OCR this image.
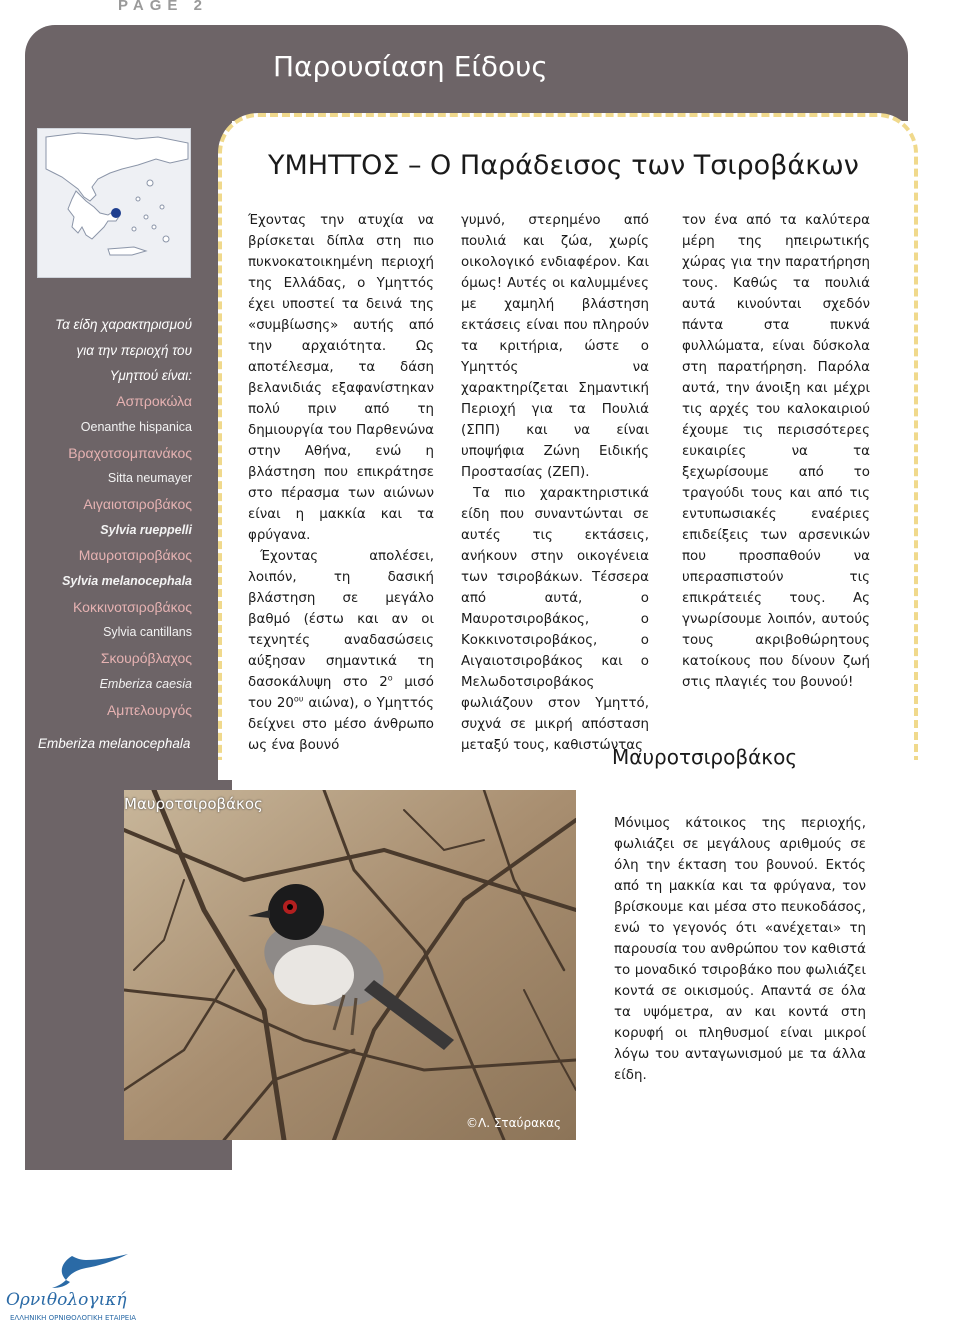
PAGE 2
Παρουσίαση Είδους
ΥΜΗΤΤΟΣ – Ο Παράδεισος των Τσιροβάκων
Τα είδη χαρακτηρισμού
για την περιοχή του
Υμηττού είναι:
Ασπροκώλα
Oenanthe hispanica
Βραχοτσομπανάκος
Sitta neumayer
Αιγαιοτσιροβάκος
Sylvia rueppelli
Μαυροτσιροβάκος
Sylvia melanocephala
Κοκκινοτσιροβάκος
Sylvia cantillans
Σκουρόβλαχος
Emberiza caesia
Αμπελουργός
Emberiza melanocephala

Έχοντας την ατυχία να βρίσκεται δίπλα στη πιο πυκνοκατοικημένη περιοχή της Ελλάδας, ο Υμηττός έχει υποστεί τα δεινά της «συμβίωσης» αυτής από την αρχαιότητα. Ως αποτέλεσμα, τα δάση βελανιδιάς εξαφανίστηκαν πολύ πριν από τη δημιουργία του Παρθενώνα στην Αθήνα, ενώ η βλάστηση που επικράτησε στο πέρασμα των αιώνων είναι η μακκία και τα φρύγανα.

Έχοντας απολέσει, λοιπόν, τη δασική βλάστηση σε μεγάλο βαθμό (έστω και αν οι τεχνητές αναδασώσεις αύξησαν σημαντικά τη δασοκάλυψη στο $2^o$ μισό του $20^{o\upsilon}$ αιώνα), ο Υμηττός δείχνει στο μέσο άνθρωπο ως ένα βουνό

γυμνό, στερημένο από πουλιά και ζώα, χωρίς οικολογικό ενδιαφέρον. Και όμως! Αυτές οι καλυμμένες με χαμηλή βλάστηση εκτάσεις είναι που πληρούν τα κριτήρια, ώστε ο Υμηττός να χαρακτηρίζεται Σημαντική Περιοχή για τα Πουλιά (ΣΠΠ) και να είναι υποψήφια Ζώνη Ειδικής Προστασίας (ΖΕΠ).

Τα πιο χαρακτηριστικά είδη που συναντώνται σε αυτές τις εκτάσεις, ανήκουν στην οικογένεια των τσιροβάκων. Τέσσερα από αυτά, ο Μαυροτσιροβάκος, ο Κοκκινοτσιροβάκος, ο Αιγαιοτσιροβάκος και ο Μελωδοτσιροβάκος φωλιάζουν στον Υμηττό, συχνά σε μικρή απόσταση μεταξύ τους, καθιστώντας

τον ένα από τα καλύτερα μέρη της ηπειρωτικής χώρας για την παρατήρηση τους. Καθώς τα πουλιά αυτά κινούνται σχεδόν πάντα στα πυκνά φυλλώματα, είναι δύσκολα στη παρατήρηση. Παρόλα αυτά, την άνοιξη και μέχρι τις αρχές του καλοκαιριού έχουμε τις περισσότερες ευκαιρίες να τα ξεχωρίσουμε από το τραγούδι τους και από τις εντυπωσιακές εναέριες επιδείξεις των αρσενικών που προσπαθούν να υπερασπιστούν τις επικράτειές τους. Ας γνωρίσουμε λοιπόν, αυτούς τους ακριβοθώρητους κατοίκους που δίνουν ζωή στις πλαγιές του βουνού!

Μαυροτσιροβάκος
©Λ. Σταύρακας
Μαυροτσιροβάκος

Μόνιμος κάτοικος της περιοχής, φωλιάζει σε μεγάλους αριθμούς σε όλη την έκταση του βουνού. Εκτός από τη μακκία και τα φρύγανα, τον βρίσκουμε και μέσα στο πευκοδάσος, ενώ το γεγονός ότι «ανέχεται» τη παρουσία του ανθρώπου τον καθιστά το μοναδικό τσιροβάκο που φωλιάζει κοντά σε οικισμούς. Απαντά σε όλα τα υψόμετρα, αν και κοντά στη κορυφή οι πληθυσμοί είναι μικροί λόγω του ανταγωνισμού με τα άλλα είδη.

Ορνιθολογική
ΕΛΛΗΝΙΚΗ ΟΡΝΙΘΟΛΟΓΙΚΗ ΕΤΑΙΡΕΙΑ
